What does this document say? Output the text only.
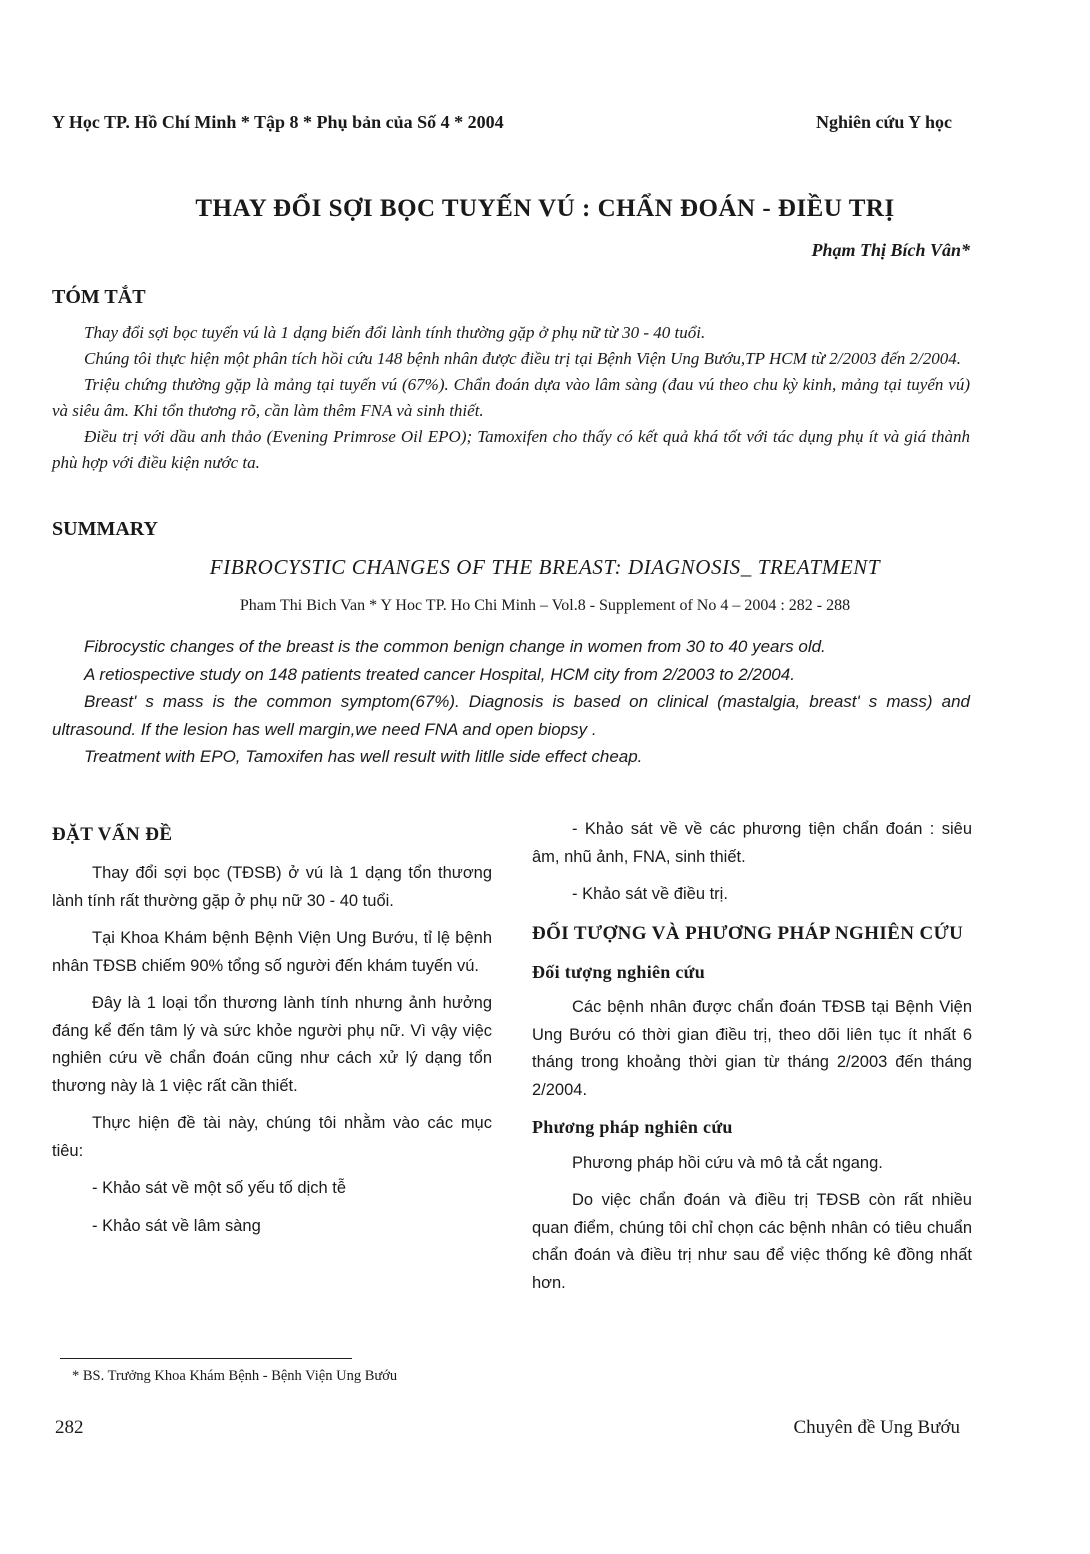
Y Học TP. Hồ Chí Minh * Tập 8 * Phụ bản của Số 4 * 2004	Nghiên cứu Y học
THAY ĐỔI SỢI BỌC TUYẾN VÚ : CHẨN ĐOÁN - ĐIỀU TRỊ
Phạm Thị Bích Vân*
TÓM TẮT

Thay đổi sợi bọc tuyến vú là 1 dạng biến đổi lành tính thường gặp ở phụ nữ từ 30 - 40 tuổi.

Chúng tôi thực hiện một phân tích hồi cứu 148 bệnh nhân được điều trị tại Bệnh Viện Ung Bướu,TP HCM từ 2/2003 đến 2/2004.

Triệu chứng thường gặp là mảng tại tuyến vú (67%). Chẩn đoán dựa vào lâm sàng (đau vú theo chu kỳ kinh, mảng tại tuyến vú) và siêu âm. Khi tổn thương rõ, cần làm thêm FNA và sinh thiết.

Điều trị với dầu anh thảo (Evening Primrose Oil EPO); Tamoxifen cho thấy có kết quả khá tốt với tác dụng phụ ít và giá thành phù hợp với điều kiện nước ta.

SUMMARY
FIBROCYSTIC CHANGES OF THE BREAST: DIAGNOSIS_ TREATMENT
Pham Thi Bich Van * Y Hoc TP. Ho Chi Minh – Vol.8 - Supplement of No 4 – 2004 : 282 - 288

Fibrocystic changes of the breast is the common benign change in women from 30 to 40 years old.

A retiospective study on 148 patients treated cancer Hospital, HCM city from 2/2003 to 2/2004.

Breast' s mass is the common symptom(67%). Diagnosis is based on clinical (mastalgia, breast' s mass) and ultrasound. If the lesion has well margin,we need FNA and open biopsy .

Treatment with EPO, Tamoxifen has well result with litlle side effect cheap.

ĐẶT VẤN ĐỀ

Thay đổi sợi bọc (TĐSB) ở vú là 1 dạng tổn thương lành tính rất thường gặp ở phụ nữ 30 - 40 tuổi.

Tại Khoa Khám bệnh Bệnh Viện Ung Bướu, tỉ lệ bệnh nhân TĐSB chiếm 90% tổng số người đến khám tuyến vú.

Đây là 1 loại tổn thương lành tính nhưng ảnh hưởng đáng kể đến tâm lý và sức khỏe người phụ nữ. Vì vậy việc nghiên cứu về chẩn đoán cũng như cách xử lý dạng tổn thương này là 1 việc rất cần thiết.

Thực hiện đề tài này, chúng tôi nhằm vào các mục tiêu:

- Khảo sát về một số yếu tố dịch tễ

- Khảo sát về lâm sàng

- Khảo sát về về các phương tiện chẩn đoán : siêu âm, nhũ ảnh, FNA, sinh thiết.

- Khảo sát về điều trị.

ĐỐI TƯỢNG VÀ PHƯƠNG PHÁP NGHIÊN CỨU
Đối tượng nghiên cứu

Các bệnh nhân được chẩn đoán TĐSB tại Bệnh Viện Ung Bướu có thời gian điều trị, theo dõi liên tục ít nhất 6 tháng trong khoảng thời gian từ tháng 2/2003 đến tháng 2/2004.

Phương pháp nghiên cứu

Phương pháp hồi cứu và mô tả cắt ngang.

Do việc chẩn đoán và điều trị TĐSB còn rất nhiều quan điểm, chúng tôi chỉ chọn các bệnh nhân có tiêu chuẩn chẩn đoán và điều trị như sau để việc thống kê đồng nhất hơn.

* BS. Trưởng Khoa Khám Bệnh - Bệnh Viện Ung Bướu
282	Chuyên đề Ung Bướu
